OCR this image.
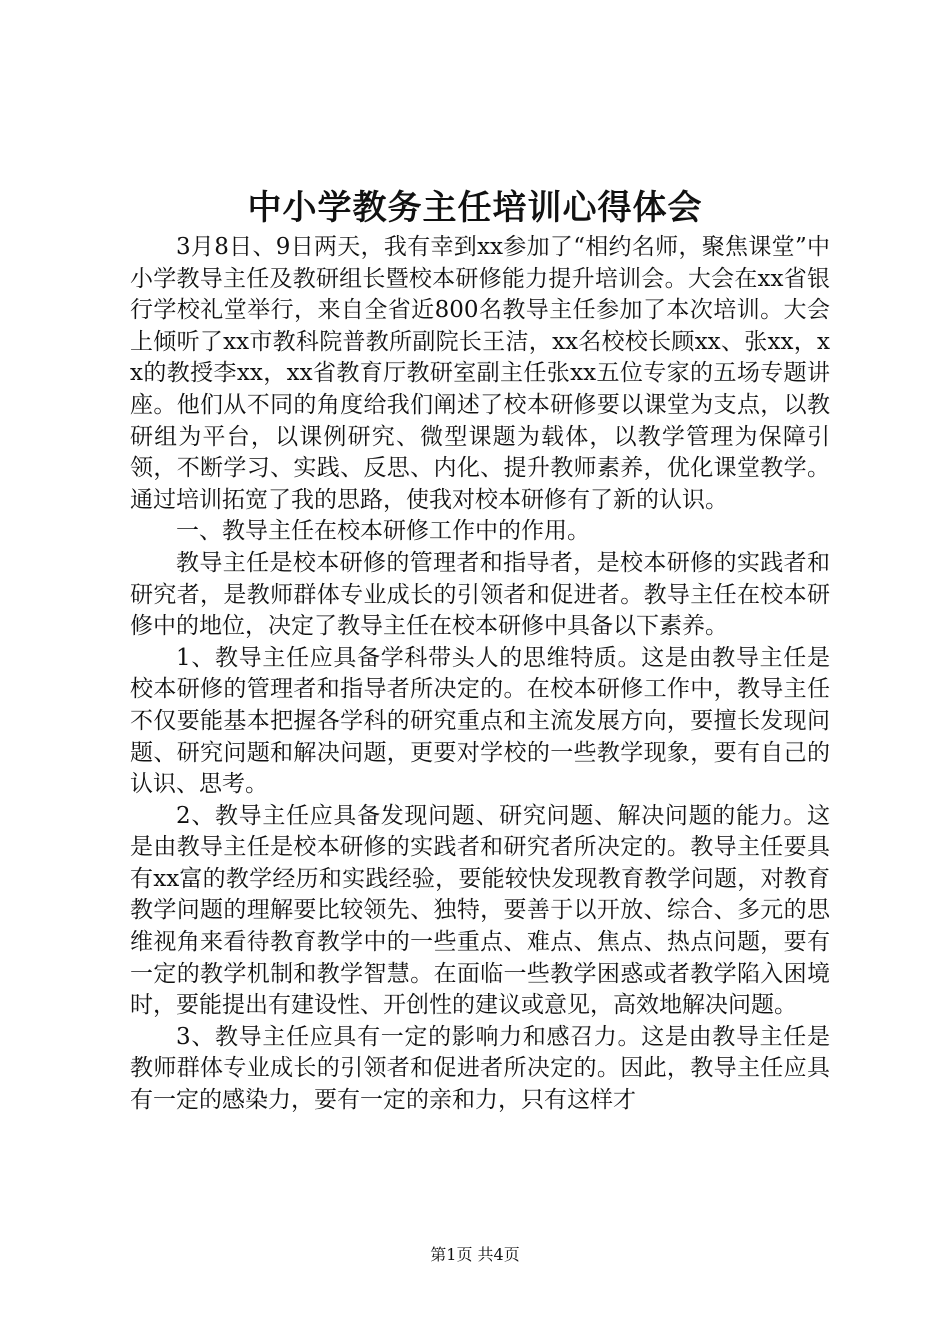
中小学教务主任培训心得体会

3月8日、9日两天，我有幸到xx参加了“相约名师，聚焦课堂”中小学教导主任及教研组长暨校本研修能力提升培训会。大会在xx省银行学校礼堂举行，来自全省近800名教导主任参加了本次培训。大会上倾听了xx市教科院普教所副院长王洁，xx名校校长顾xx、张xx，xx的教授李xx，xx省教育厅教研室副主任张xx五位专家的五场专题讲座。他们从不同的角度给我们阐述了校本研修要以课堂为支点，以教研组为平台，以课例研究、微型课题为载体，以教学管理为保障引领，不断学习、实践、反思、内化、提升教师素养，优化课堂教学。通过培训拓宽了我的思路，使我对校本研修有了新的认识。

一、教导主任在校本研修工作中的作用。

教导主任是校本研修的管理者和指导者，是校本研修的实践者和研究者，是教师群体专业成长的引领者和促进者。教导主任在校本研修中的地位，决定了教导主任在校本研修中具备以下素养。

1、教导主任应具备学科带头人的思维特质。这是由教导主任是校本研修的管理者和指导者所决定的。在校本研修工作中，教导主任不仅要能基本把握各学科的研究重点和主流发展方向，要擅长发现问题、研究问题和解决问题，更要对学校的一些教学现象，要有自己的认识、思考。

2、教导主任应具备发现问题、研究问题、解决问题的能力。这是由教导主任是校本研修的实践者和研究者所决定的。教导主任要具有xx富的教学经历和实践经验，要能较快发现教育教学问题，对教育教学问题的理解要比较领先、独特，要善于以开放、综合、多元的思维视角来看待教育教学中的一些重点、难点、焦点、热点问题，要有一定的教学机制和教学智慧。在面临一些教学困惑或者教学陷入困境时，要能提出有建设性、开创性的建议或意见，高效地解决问题。

3、教导主任应具有一定的影响力和感召力。这是由教导主任是教师群体专业成长的引领者和促进者所决定的。因此，教导主任应具有一定的感染力，要有一定的亲和力，只有这样才

第1页 共4页
